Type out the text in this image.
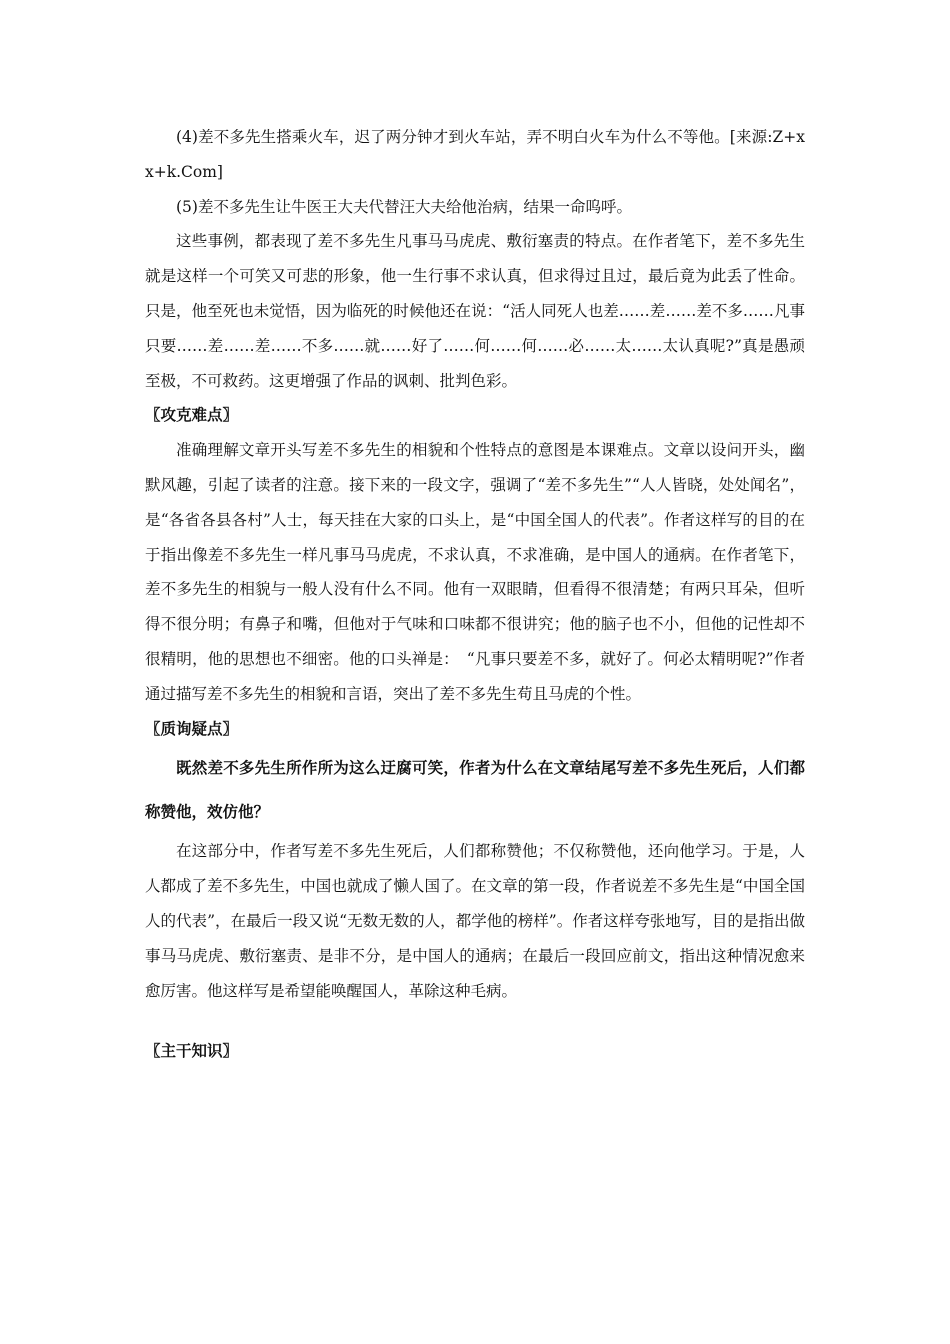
(4)差不多先生搭乘火车，迟了两分钟才到火车站，弄不明白火车为什么不等他。[来源:Z+xx+k.Com]

(5)差不多先生让牛医王大夫代替汪大夫给他治病，结果一命呜呼。

这些事例，都表现了差不多先生凡事马马虎虎、敷衍塞责的特点。在作者笔下，差不多先生就是这样一个可笑又可悲的形象，他一生行事不求认真，但求得过且过，最后竟为此丢了性命。只是，他至死也未觉悟，因为临死的时候他还在说：“活人同死人也差……差……差不多……凡事只要……差……差……不多……就……好了……何……何……必……太……太认真呢?”真是愚顽至极，不可救药。这更增强了作品的讽刺、批判色彩。

〖攻克难点〗

准确理解文章开头写差不多先生的相貌和个性特点的意图是本课难点。文章以设问开头，幽默风趣，引起了读者的注意。接下来的一段文字，强调了“差不多先生”“人人皆晓，处处闻名”，是“各省各县各村”人士，每天挂在大家的口头上，是“中国全国人的代表”。作者这样写的目的在于指出像差不多先生一样凡事马马虎虎，不求认真，不求准确，是中国人的通病。在作者笔下，差不多先生的相貌与一般人没有什么不同。他有一双眼睛，但看得不很清楚；有两只耳朵，但听得不很分明；有鼻子和嘴，但他对于气味和口味都不很讲究；他的脑子也不小，但他的记性却不很精明，他的思想也不细密。他的口头禅是：　“凡事只要差不多，就好了。何必太精明呢?”作者通过描写差不多先生的相貌和言语，突出了差不多先生苟且马虎的个性。

〖质询疑点〗

既然差不多先生所作所为这么迂腐可笑，作者为什么在文章结尾写差不多先生死后，人们都称赞他，效仿他？

在这部分中，作者写差不多先生死后，人们都称赞他；不仅称赞他，还向他学习。于是，人人都成了差不多先生，中国也就成了懒人国了。在文章的第一段，作者说差不多先生是“中国全国人的代表”，在最后一段又说“无数无数的人，都学他的榜样”。作者这样夸张地写，目的是指出做事马马虎虎、敷衍塞责、是非不分，是中国人的通病；在最后一段回应前文，指出这种情况愈来愈厉害。他这样写是希望能唤醒国人，革除这种毛病。

〖主干知识〗
